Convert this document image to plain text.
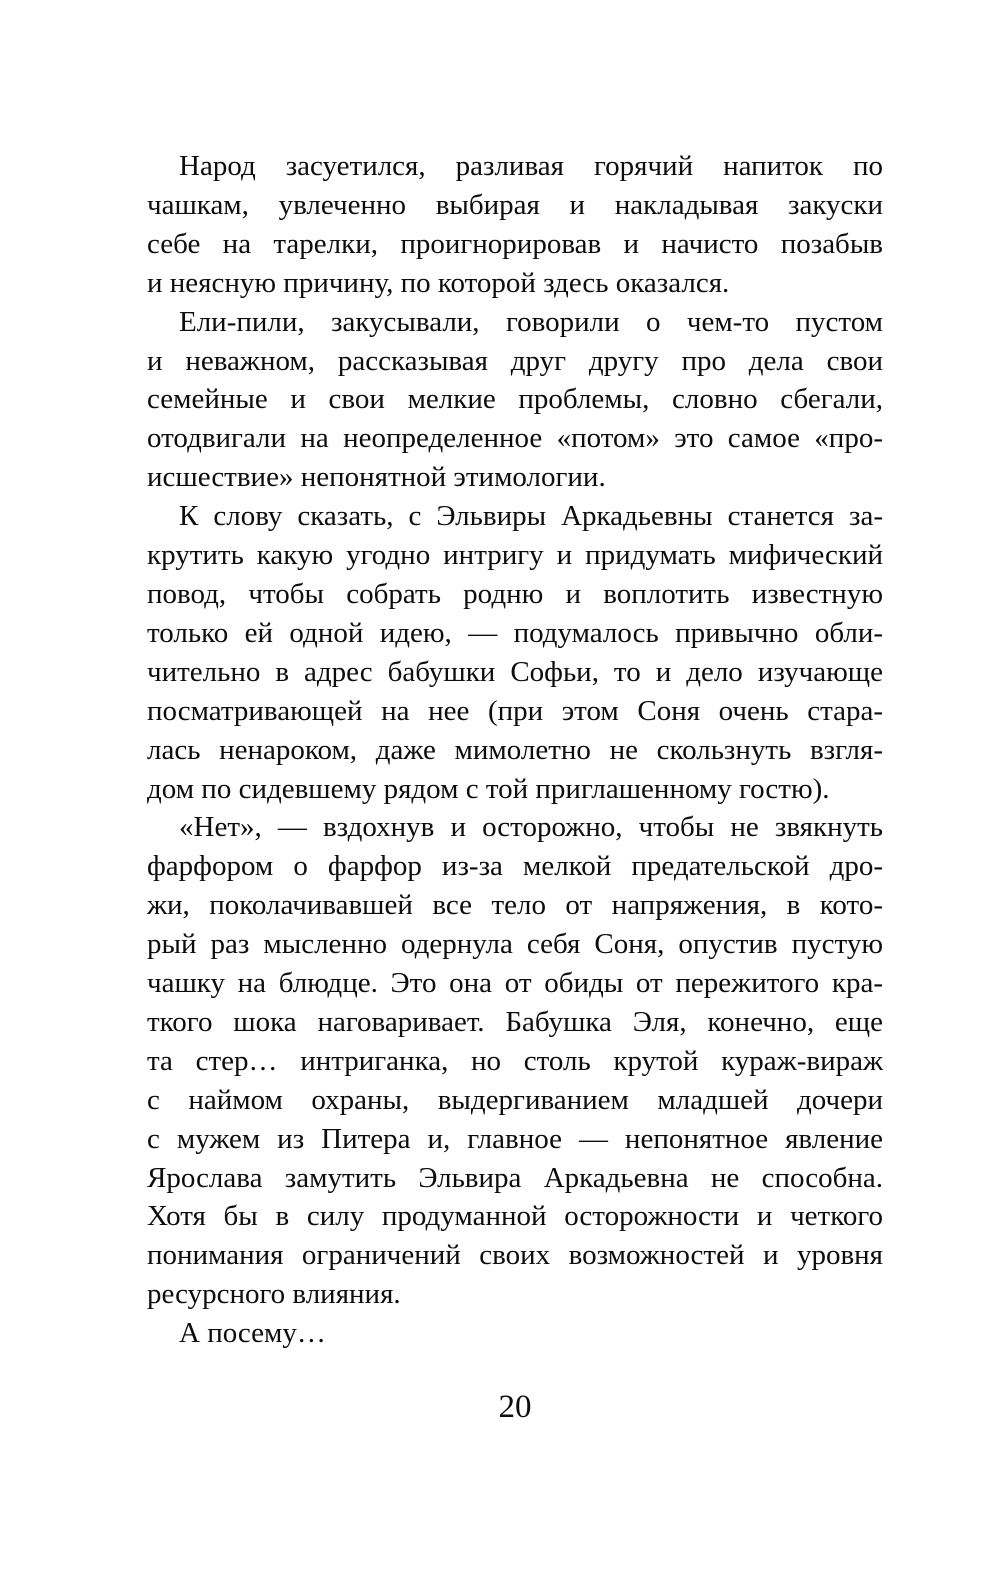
Народ засуетился, разливая горячий напиток по
чашкам, увлеченно выбирая и накладывая закуски
себе на тарелки, проигнорировав и начисто позабыв
и неясную причину, по которой здесь оказался.

Ели-пили, закусывали, говорили о чем-то пустом
и неважном, рассказывая друг другу про дела свои
семейные и свои мелкие проблемы, словно сбегали,
отодвигали на неопределенное «потом» это самое «про-
исшествие» непонятной этимологии.

К слову сказать, с Эльвиры Аркадьевны станется за-
крутить какую угодно интригу и придумать мифический
повод, чтобы собрать родню и воплотить известную
только ей одной идею, — подумалось привычно обли-
чительно в адрес бабушки Софьи, то и дело изучающе
посматривающей на нее (при этом Соня очень стара-
лась ненароком, даже мимолетно не скользнуть взгля-
дом по сидевшему рядом с той приглашенному гостю).

«Нет», — вздохнув и осторожно, чтобы не звякнуть
фарфором о фарфор из-за мелкой предательской дро-
жи, поколачивавшей все тело от напряжения, в кото-
рый раз мысленно одернула себя Соня, опустив пустую
чашку на блюдце. Это она от обиды от пережитого кра-
ткого шока наговаривает. Бабушка Эля, конечно, еще
та стер… интриганка, но столь крутой кураж-вираж
с наймом охраны, выдергиванием младшей дочери
с мужем из Питера и, главное — непонятное явление
Ярослава замутить Эльвира Аркадьевна не способна.
Хотя бы в силу продуманной осторожности и четкого
понимания ограничений своих возможностей и уровня
ресурсного влияния.

А посему…

20
